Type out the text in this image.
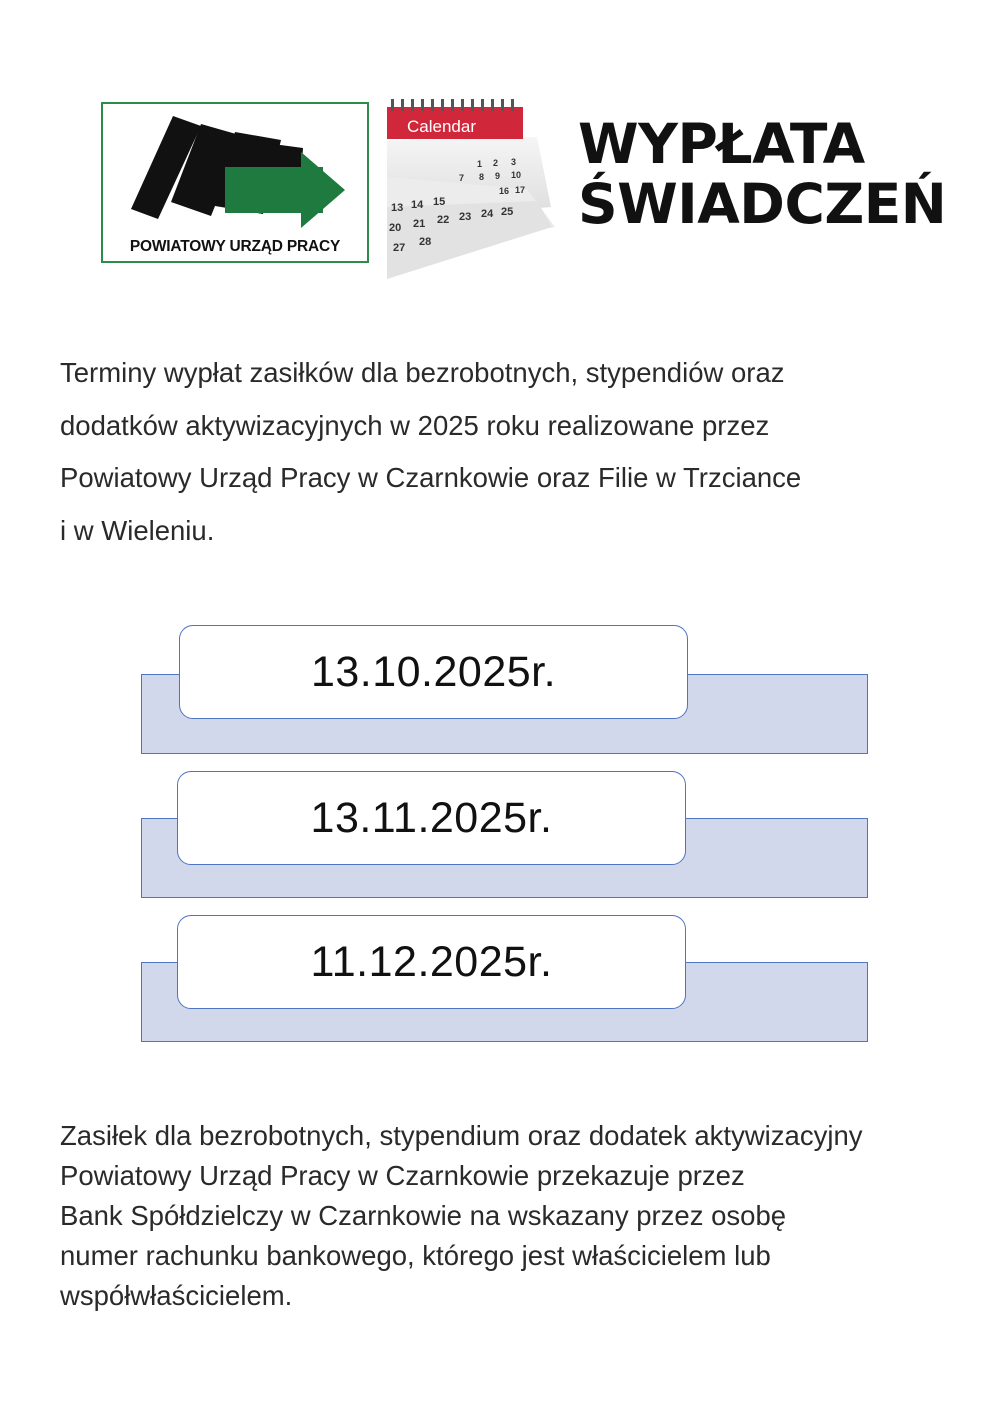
POWIATOWY URZĄD PRACY
Calendar
1 2 3
7 8 9 10
16 17
13 14 15
20 21 22 23 24 25
27 28
WYPŁATA
ŚWIADCZEŃ
Terminy wypłat zasiłków dla bezrobotnych, stypendiów oraz
dodatków aktywizacyjnych w 2025 roku realizowane przez
Powiatowy Urząd Pracy w Czarnkowie oraz Filie w Trzciance
i w Wieleniu.
13.10.2025r.
13.11.2025r.
11.12.2025r.
Zasiłek dla bezrobotnych, stypendium oraz dodatek aktywizacyjny
Powiatowy Urząd Pracy w Czarnkowie przekazuje przez
Bank Spółdzielczy w Czarnkowie na wskazany przez osobę
numer rachunku bankowego, którego jest właścicielem lub
współwłaścicielem.
